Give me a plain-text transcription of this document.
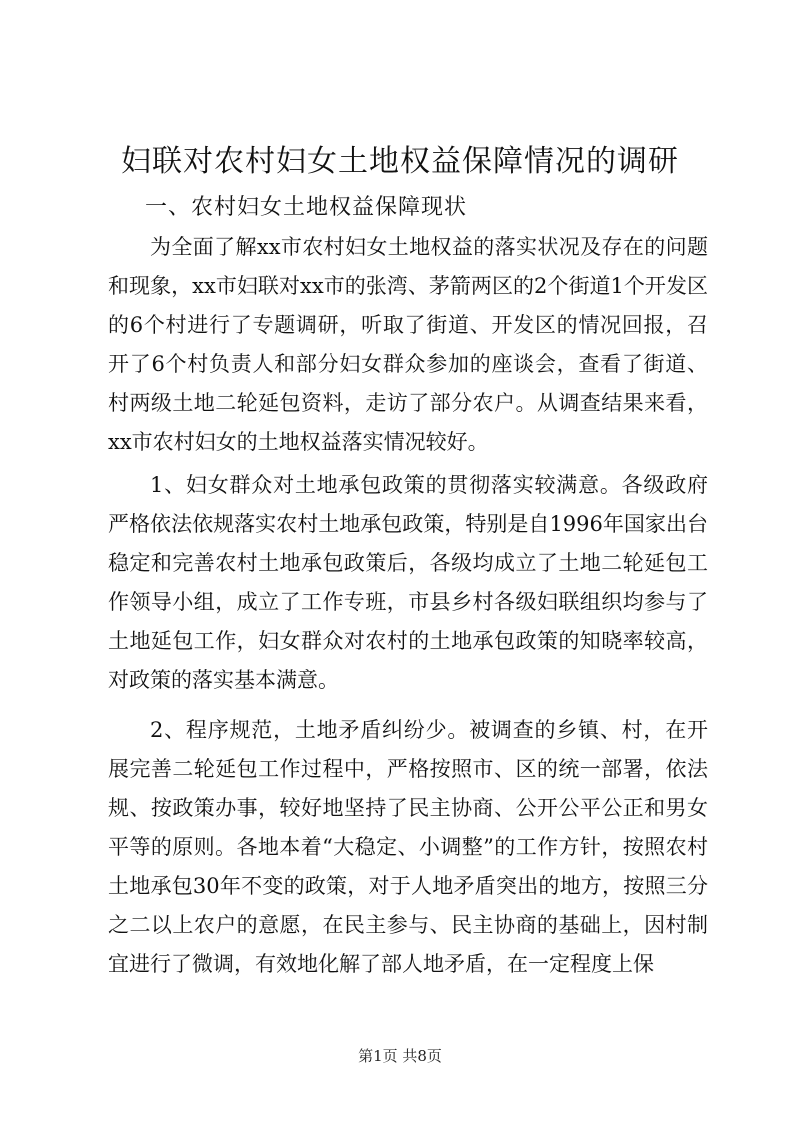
妇联对农村妇女土地权益保障情况的调研

一、农村妇女土地权益保障现状

为全面了解xx市农村妇女土地权益的落实状况及存在的问题和现象，xx市妇联对xx市的张湾、茅箭两区的2个街道1个开发区的6个村进行了专题调研，听取了街道、开发区的情况回报，召开了6个村负责人和部分妇女群众参加的座谈会，查看了街道、村两级土地二轮延包资料，走访了部分农户。从调查结果来看，xx市农村妇女的土地权益落实情况较好。

1、妇女群众对土地承包政策的贯彻落实较满意。各级政府严格依法依规落实农村土地承包政策，特别是自1996年国家出台稳定和完善农村土地承包政策后，各级均成立了土地二轮延包工作领导小组，成立了工作专班，市县乡村各级妇联组织均参与了土地延包工作，妇女群众对农村的土地承包政策的知晓率较高，对政策的落实基本满意。

2、程序规范，土地矛盾纠纷少。被调查的乡镇、村，在开展完善二轮延包工作过程中，严格按照市、区的统一部署，依法规、按政策办事，较好地坚持了民主协商、公开公平公正和男女平等的原则。各地本着“大稳定、小调整”的工作方针，按照农村土地承包30年不变的政策，对于人地矛盾突出的地方，按照三分之二以上农户的意愿，在民主参与、民主协商的基础上，因村制宜进行了微调，有效地化解了部人地矛盾，在一定程度上保

第1页 共8页
